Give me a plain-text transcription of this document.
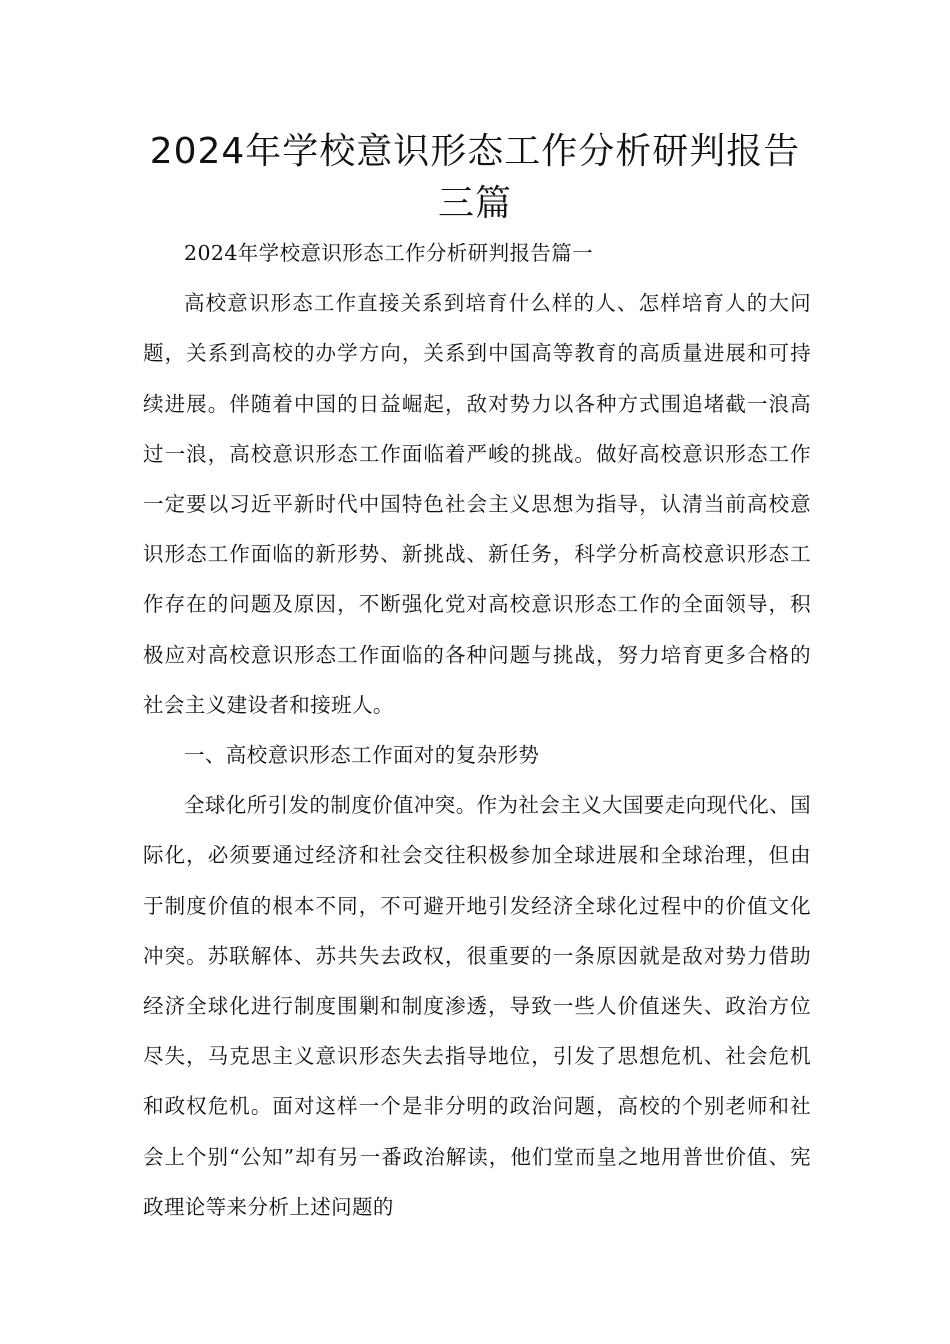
2024年学校意识形态工作分析研判报告
三篇

2024年学校意识形态工作分析研判报告篇一

高校意识形态工作直接关系到培育什么样的人、怎样培育人的大问题，关系到高校的办学方向，关系到中国高等教育的高质量进展和可持续进展。伴随着中国的日益崛起，敌对势力以各种方式围追堵截一浪高过一浪，高校意识形态工作面临着严峻的挑战。做好高校意识形态工作一定要以习近平新时代中国特色社会主义思想为指导，认清当前高校意识形态工作面临的新形势、新挑战、新任务，科学分析高校意识形态工作存在的问题及原因，不断强化党对高校意识形态工作的全面领导，积极应对高校意识形态工作面临的各种问题与挑战，努力培育更多合格的社会主义建设者和接班人。

一、高校意识形态工作面对的复杂形势

全球化所引发的制度价值冲突。作为社会主义大国要走向现代化、国际化，必须要通过经济和社会交往积极参加全球进展和全球治理，但由于制度价值的根本不同，不可避开地引发经济全球化过程中的价值文化冲突。苏联解体、苏共失去政权，很重要的一条原因就是敌对势力借助经济全球化进行制度围剿和制度渗透，导致一些人价值迷失、政治方位尽失，马克思主义意识形态失去指导地位，引发了思想危机、社会危机和政权危机。面对这样一个是非分明的政治问题，高校的个别老师和社会上个别“公知”却有另一番政治解读，他们堂而皇之地用普世价值、宪政理论等来分析上述问题的
